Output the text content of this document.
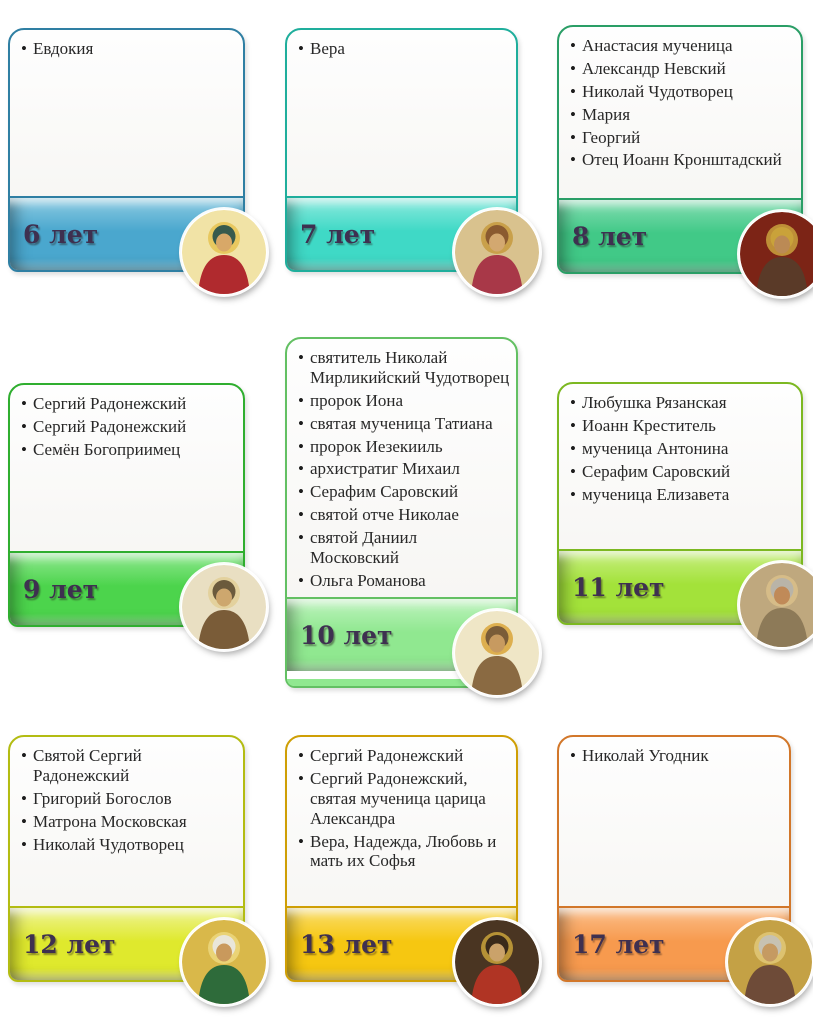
• Евдокия
6 лет
• Вера
7 лет
• Анастасия мученица
• Александр Невский
• Николай Чудотворец
• Мария
• Георгий
• Отец Иоанн Кронштадский
8 лет
• Сергий Радонежский
• Сергий Радонежский
• Семён Богоприимец
9 лет
• святитель Николай Мирликийский Чудотворец
• пророк Иона
• святая мученица Татиана
• пророк Иезекииль
• архистратиг Михаил
• Серафим Саровский
• святой отче Николае
• святой Даниил Московский
• Ольга Романова
10 лет
• Любушка Рязанская
• Иоанн Креститель
• мученица Антонина
• Серафим Саровский
• мученица Елизавета
11 лет
• Святой Сергий Радонежский
• Григорий Богослов
• Матрона Московская
• Николай Чудотворец
12 лет
• Сергий Радонежский
• Сергий Радонежский, святая мученица царица Александра
• Вера, Надежда, Любовь и мать их Софья
13 лет
• Николай Угодник
17 лет
